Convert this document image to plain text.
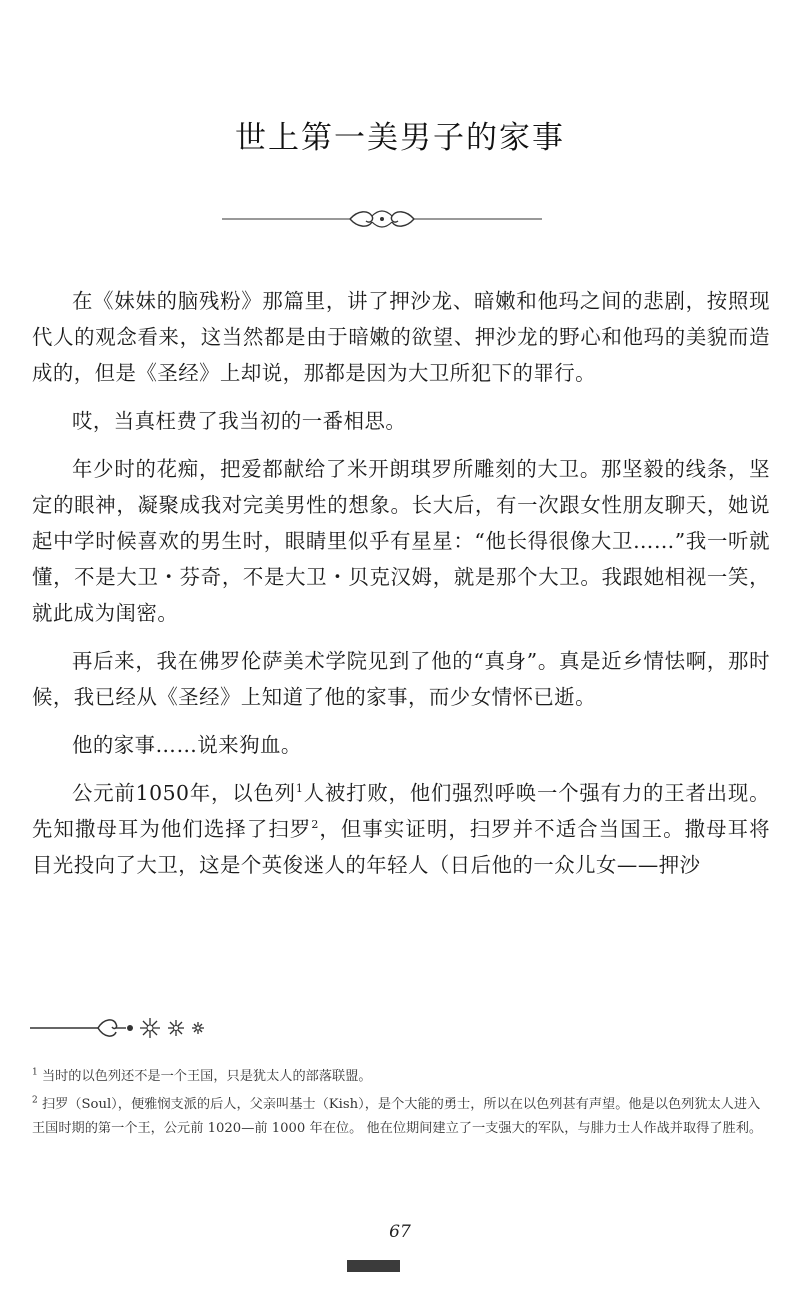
世上第一美男子的家事

在《妹妹的脑残粉》那篇里，讲了押沙龙、暗嫩和他玛之间的悲剧，按照现代人的观念看来，这当然都是由于暗嫩的欲望、押沙龙的野心和他玛的美貌而造成的，但是《圣经》上却说，那都是因为大卫所犯下的罪行。

哎，当真枉费了我当初的一番相思。

年少时的花痴，把爱都献给了米开朗琪罗所雕刻的大卫。那坚毅的线条，坚定的眼神，凝聚成我对完美男性的想象。长大后，有一次跟女性朋友聊天，她说起中学时候喜欢的男生时，眼睛里似乎有星星：“他长得很像大卫……”我一听就懂，不是大卫・芬奇，不是大卫・贝克汉姆，就是那个大卫。我跟她相视一笑，就此成为闺密。

再后来，我在佛罗伦萨美术学院见到了他的“真身”。真是近乡情怯啊，那时候，我已经从《圣经》上知道了他的家事，而少女情怀已逝。

他的家事……说来狗血。

公元前1050年，以色列$^1$人被打败，他们强烈呼唤一个强有力的王者出现。先知撒母耳为他们选择了扫罗$^2$，但事实证明，扫罗并不适合当国王。撒母耳将目光投向了大卫，这是个英俊迷人的年轻人（日后他的一众儿女——押沙

$^1$ 当时的以色列还不是一个王国，只是犹太人的部落联盟。

$^2$ 扫罗（Soul），便雅悯支派的后人，父亲叫基士（Kish），是个大能的勇士，所以在以色列甚有声望。他是以色列犹太人进入王国时期的第一个王，公元前 1020—前 1000 年在位。 他在位期间建立了一支强大的军队，与腓力士人作战并取得了胜利。

67
